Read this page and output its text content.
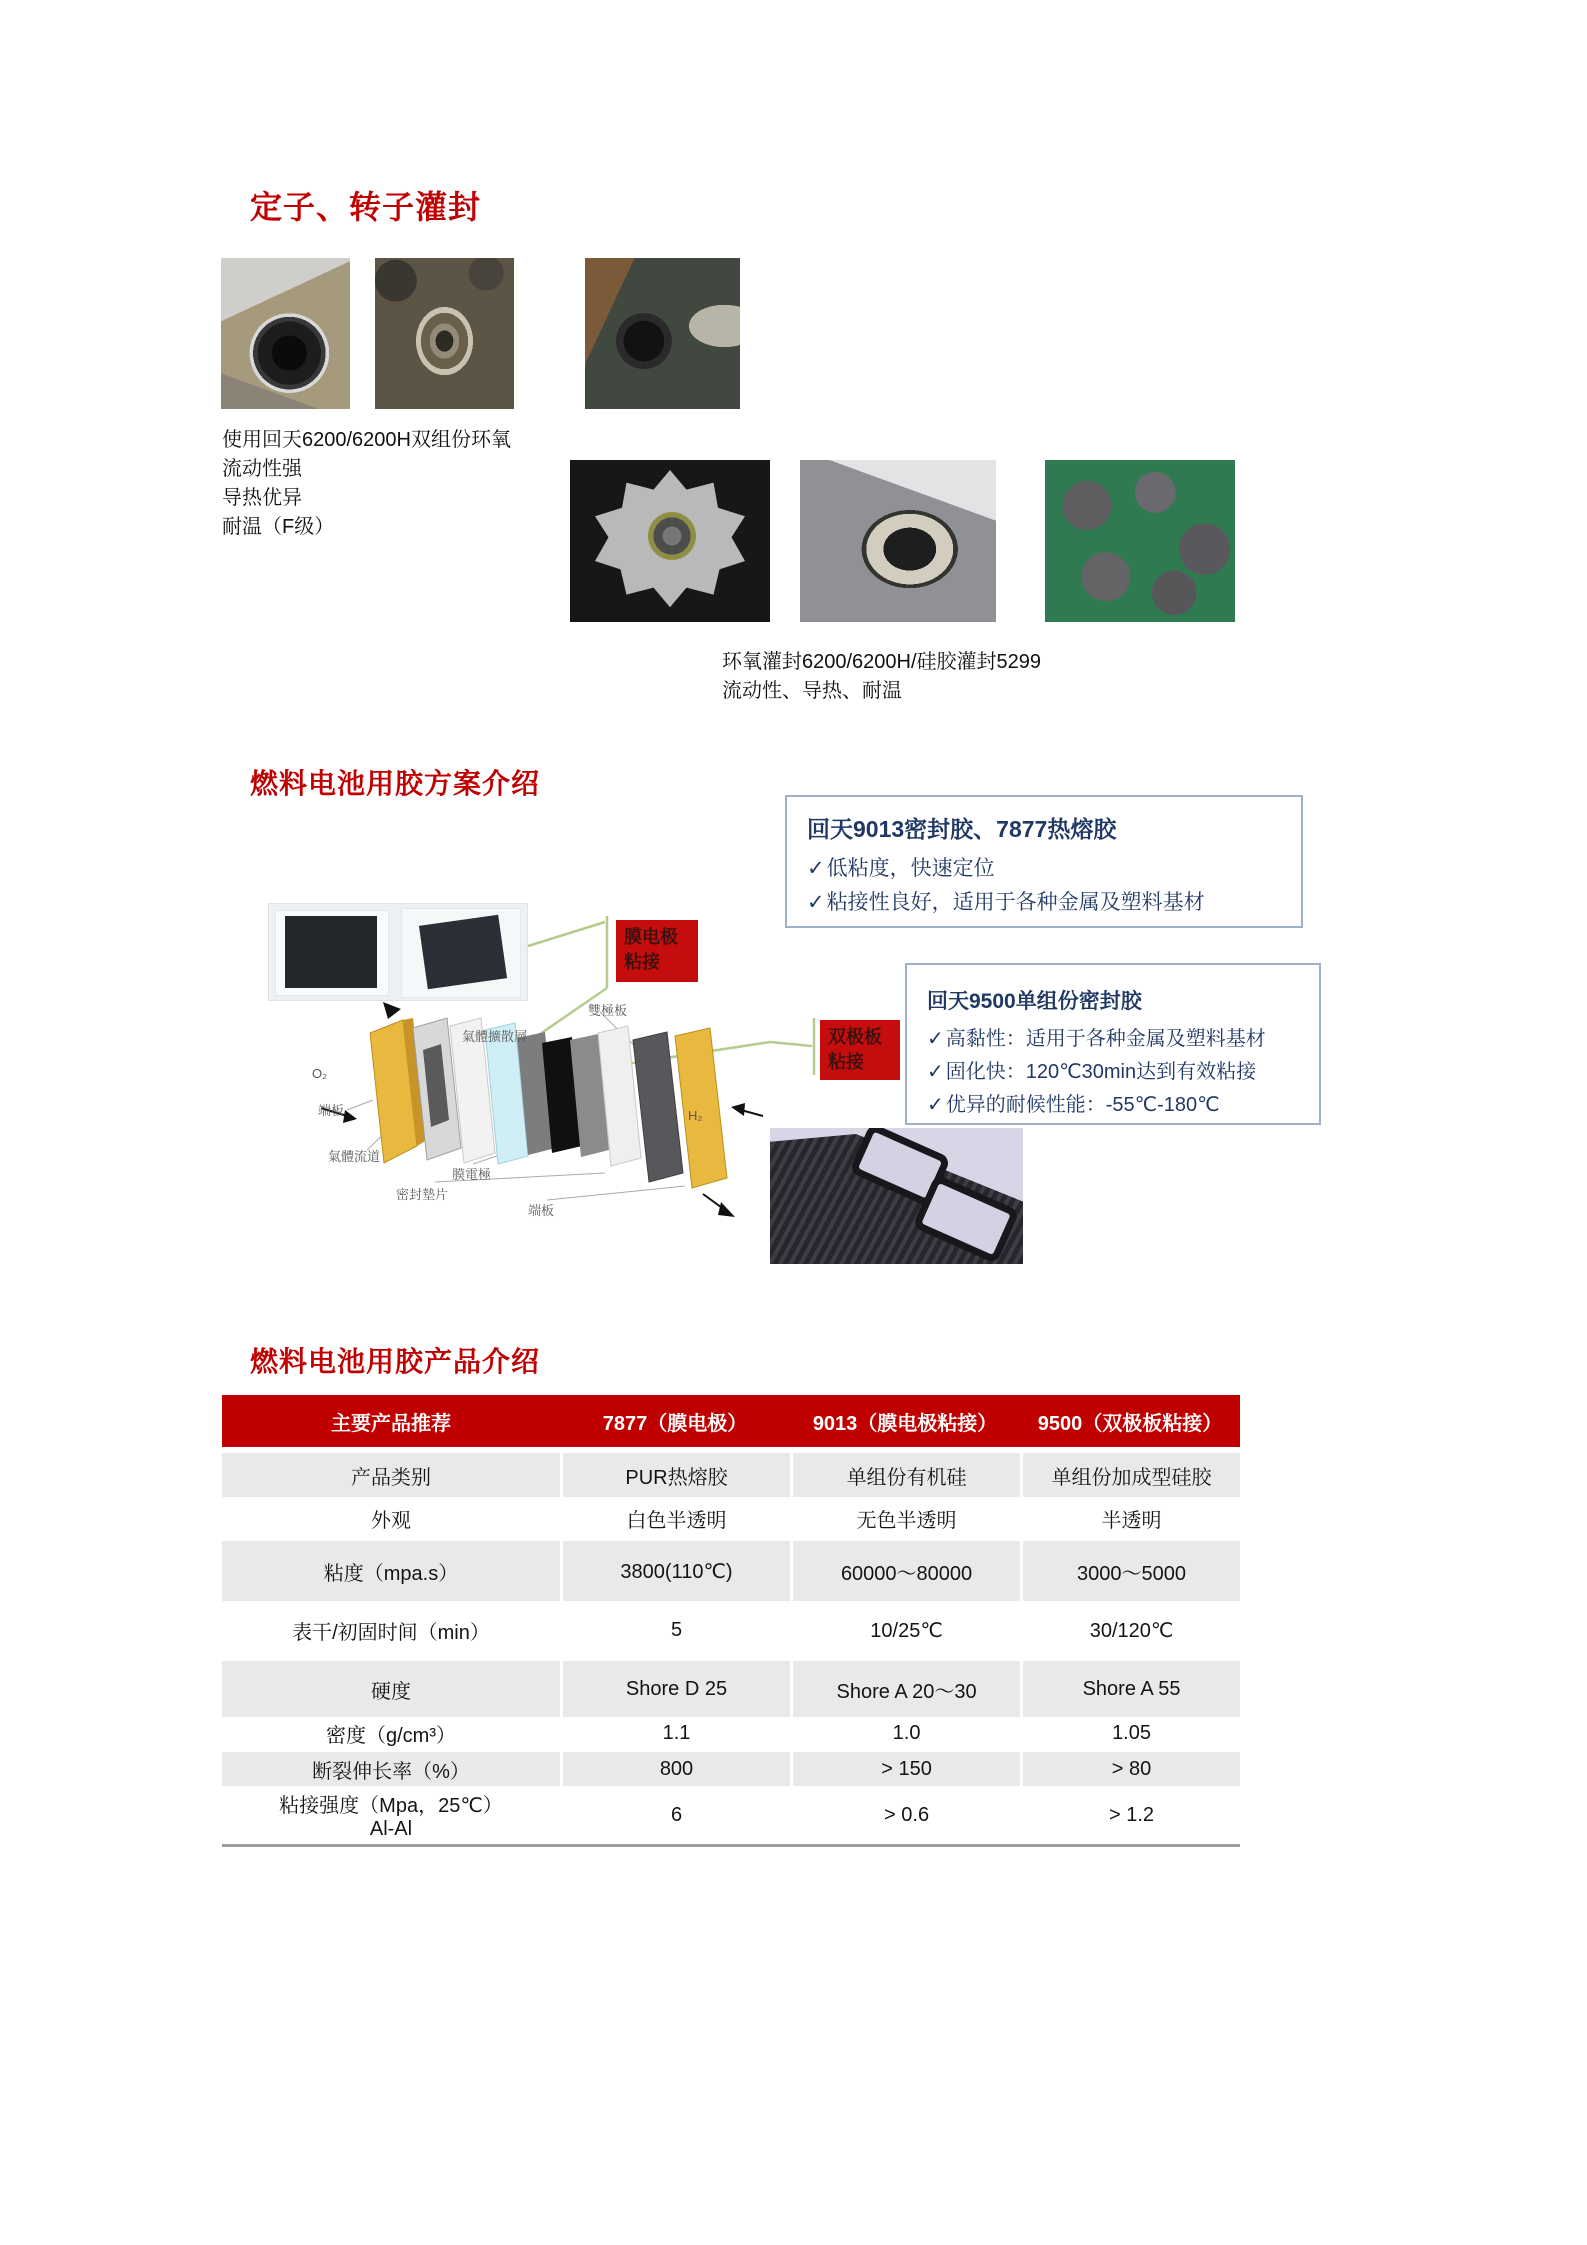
定子、转子灌封
使用回天6200/6200H双组份环氧
流动性强
导热优异
耐温（F级）
环氧灌封6200/6200H/硅胶灌封5299
流动性、导热、耐温
燃料电池用胶方案介绍
回天9013密封胶、7877热熔胶
✓低粘度，快速定位
✓粘接性良好，适用于各种金属及塑料基材
回天9500单组份密封胶
✓ 高黏性：适用于各种金属及塑料基材
✓ 固化快：120℃30min达到有效粘接
✓ 优异的耐候性能：-55℃-180℃
膜电极
粘接
双极板
粘接
雙極板
氣體擴散層
O₂
端板
氣體流道
膜電極
密封墊片
端板
H₂
燃料电池用胶产品介绍
主要产品推荐	7877（膜电极）	9013（膜电极粘接）	9500（双极板粘接）
产品类别	PUR热熔胶	单组份有机硅	单组份加成型硅胶
外观	白色半透明	无色半透明	半透明
粘度（mpa.s）	3800(110℃)	60000～80000	3000～5000
表干/初固时间（min）	5	10/25℃	30/120℃
硬度	Shore D 25	Shore A 20～30	Shore A 55
密度（g/cm³）	1.1	1.0	1.05
断裂伸长率（%）	800	> 150	> 80
粘接强度（Mpa，25℃）
Al-Al
6	> 0.6	> 1.2
